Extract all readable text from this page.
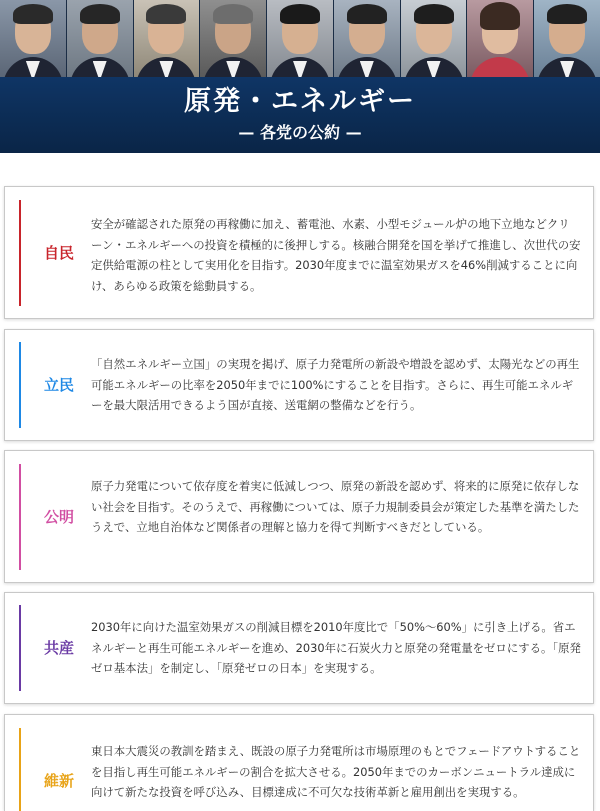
原発・エネルギー
— 各党の公約 —
自民
安全が確認された原発の再稼働に加え、蓄電池、水素、小型モジュール炉の地下立地などクリーン・エネルギーへの投資を積極的に後押しする。核融合開発を国を挙げて推進し、次世代の安定供給電源の柱として実用化を目指す。2030年度までに温室効果ガスを46%削減することに向け、あらゆる政策を総動員する。
立民
「自然エネルギー立国」の実現を掲げ、原子力発電所の新設や増設を認めず、太陽光などの再生可能エネルギーの比率を2050年までに100%にすることを目指す。さらに、再生可能エネルギーを最大限活用できるよう国が直接、送電網の整備などを行う。
公明
原子力発電について依存度を着実に低減しつつ、原発の新設を認めず、将来的に原発に依存しない社会を目指す。そのうえで、再稼働については、原子力規制委員会が策定した基準を満たしたうえで、立地自治体など関係者の理解と協力を得て判断すべきだとしている。
共産
2030年に向けた温室効果ガスの削減目標を2010年度比で「50%～60%」に引き上げる。省エネルギーと再生可能エネルギーを進め、2030年に石炭火力と原発の発電量をゼロにする。「原発ゼロ基本法」を制定し、「原発ゼロの日本」を実現する。
維新
東日本大震災の教訓を踏まえ、既設の原子力発電所は市場原理のもとでフェードアウトすることを目指し再生可能エネルギーの割合を拡大させる。2050年までのカーボンニュートラル達成に向けて新たな投資を呼び込み、目標達成に不可欠な技術革新と雇用創出を実現する。
